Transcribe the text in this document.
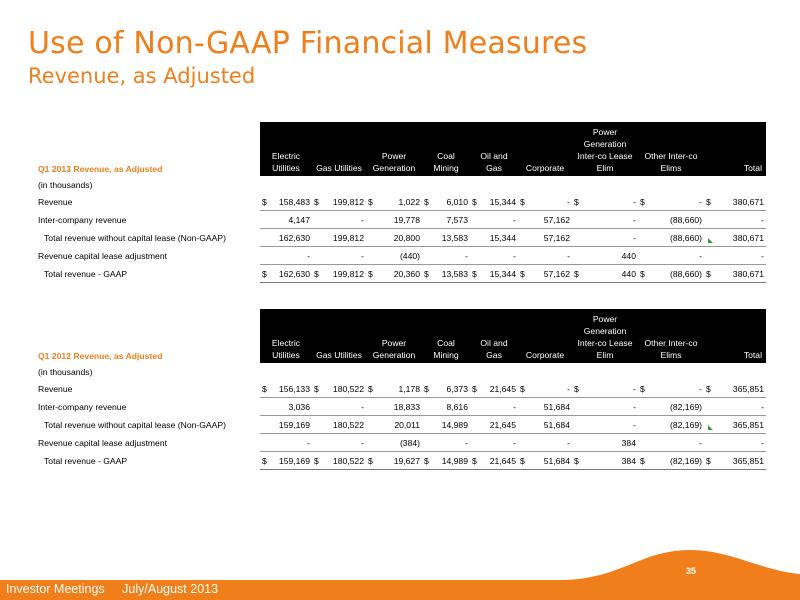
Use of Non-GAAP Financial Measures
Revenue, as Adjusted
Q1 2013 Revenue, as Adjusted	Electric Utilities	Gas Utilities	Power Generation	Coal Mining	Oil and Gas	Corporate	Power Generation Inter-co Lease Elim	Other Inter-co Elims	Total
(in thousands)									
Revenue	$ 158,483	$ 199,812	$ 1,022	$ 6,010	$ 15,344	$ -	$ -	$ -	$ 380,671

Inter-company revenue	4,147	-	19,778	7,573	-	57,162	-	(88,660)	-

Total revenue without capital lease (Non-GAAP)	162,630	199,812	20,800	13,583	15,344	57,162	-	(88,660)	380,671

Revenue capital lease adjustment	-	-	(440)	-	-	-	440	-	-

Total revenue - GAAP	$ 162,630	$ 199,812	$ 20,360	$ 13,583	$ 15,344	$ 57,162	$ 440	$ (88,660)	$ 380,671
Q1 2012 Revenue, as Adjusted	Electric Utilities	Gas Utilities	Power Generation	Coal Mining	Oil and Gas	Corporate	Power Generation Inter-co Lease Elim	Other Inter-co Elims	Total
(in thousands)									
Revenue	$ 156,133	$ 180,522	$ 1,178	$ 6,373	$ 21,645	$ -	$ -	$ -	$ 365,851

Inter-company revenue	3,036	-	18,833	8,616	-	51,684	-	(82,169)	-

Total revenue without capital lease (Non-GAAP)	159,169	180,522	20,011	14,989	21,645	51,684	-	(82,169)	365,851

Revenue capital lease adjustment	-	-	(384)	-	-	-	384	-	-

Total revenue - GAAP	$ 159,169	$ 180,522	$ 19,627	$ 14,989	$ 21,645	$ 51,684	$ 384	$ (82,169)	$ 365,851
Investor Meetings July/August 2013
35
